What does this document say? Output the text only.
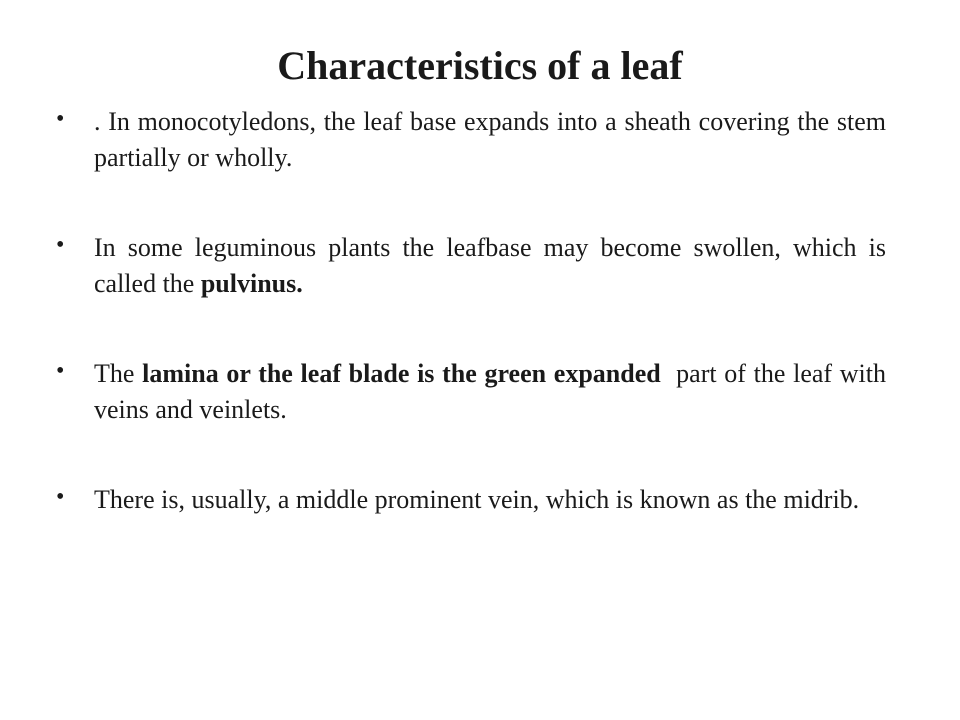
Characteristics of a leaf
• . In monocotyledons, the leaf base expands into a sheath covering the stem partially or wholly.
• In some leguminous plants the leafbase may become swollen, which is called the pulvinus.
• The lamina or the leaf blade is the green expanded  part of the leaf with veins and veinlets.
• There is, usually, a middle prominent vein, which is known as the midrib.
